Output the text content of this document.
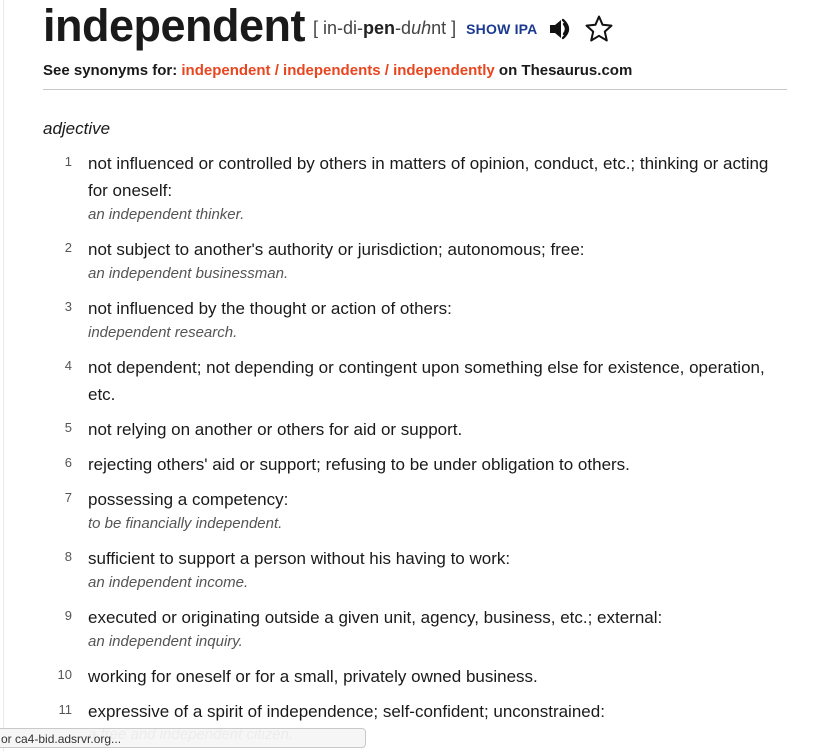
independent [ in-di-pen-duhnt ] SHOW IPA
See synonyms for: independent / independents / independently on Thesaurus.com
adjective
1 not influenced or controlled by others in matters of opinion, conduct, etc.; thinking or acting for oneself:
an independent thinker.
2 not subject to another's authority or jurisdiction; autonomous; free:
an independent businessman.
3 not influenced by the thought or action of others:
independent research.
4 not dependent; not depending or contingent upon something else for existence, operation, etc.
5 not relying on another or others for aid or support.
6 rejecting others' aid or support; refusing to be under obligation to others.
7 possessing a competency:
to be financially independent.
8 sufficient to support a person without his having to work:
an independent income.
9 executed or originating outside a given unit, agency, business, etc.; external:
an independent inquiry.
10 working for oneself or for a small, privately owned business.
11 expressive of a spirit of independence; self-confident; unconstrained:
or ca4-bid.adsrvr.org...
